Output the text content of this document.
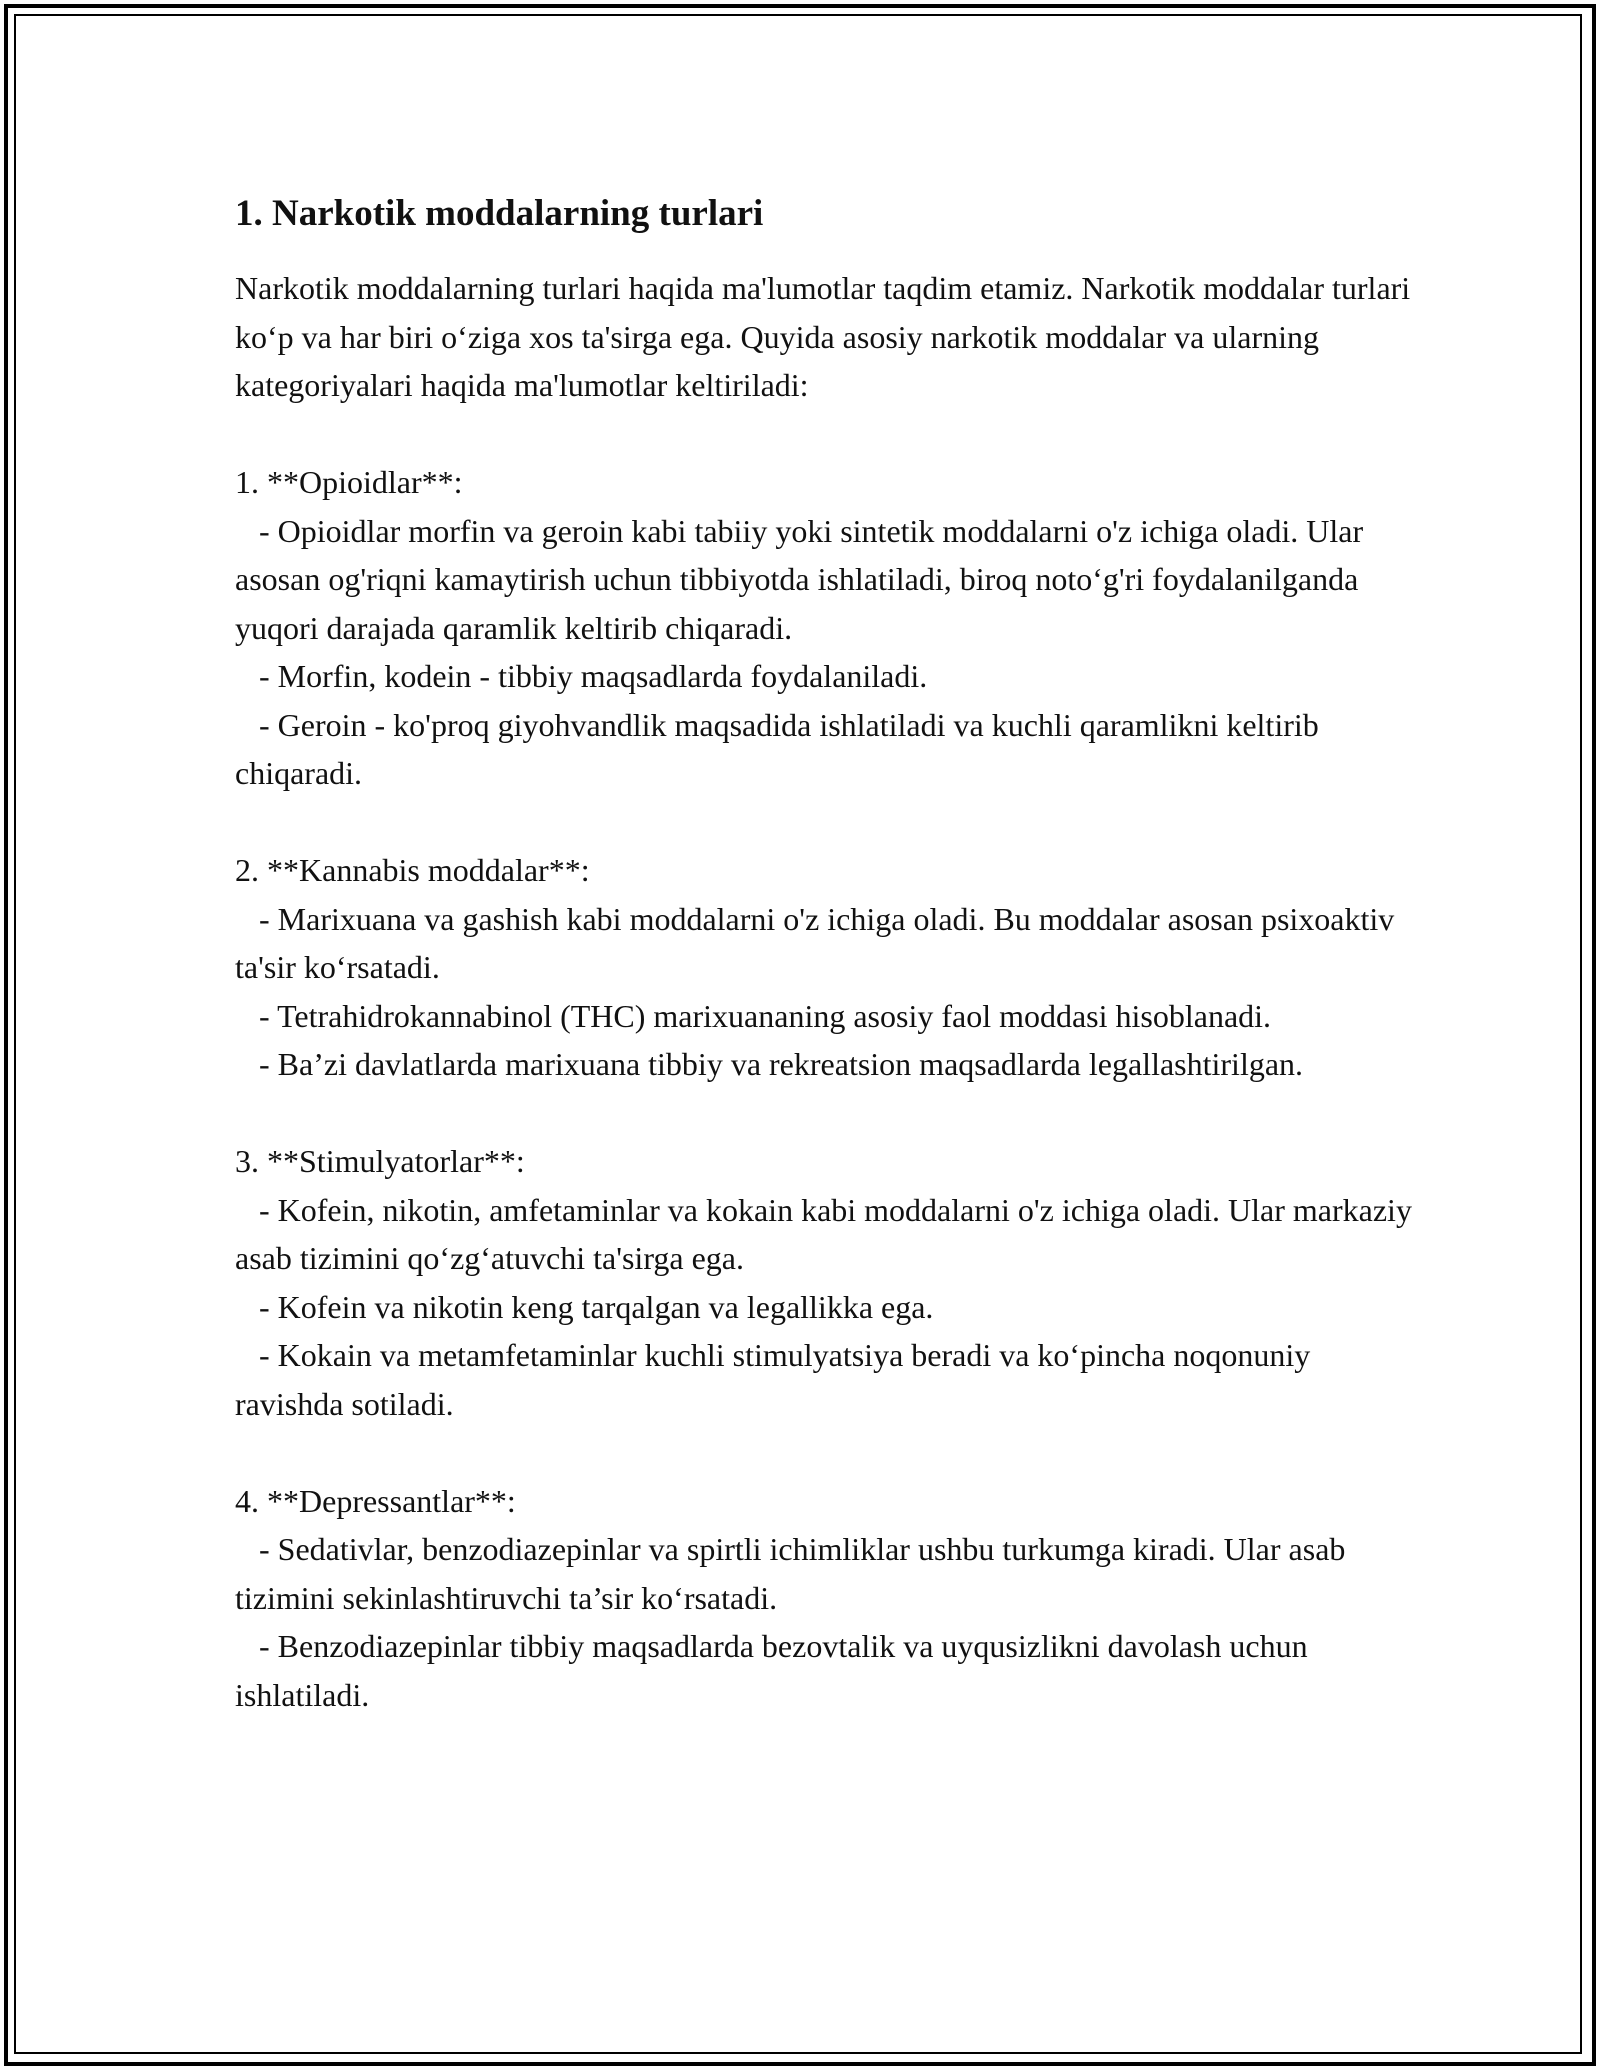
1. Narkotik moddalarning turlari

Narkotik moddalarning turlari haqida ma'lumotlar taqdim etamiz. Narkotik moddalar turlari ko‘p va har biri o‘ziga xos ta'sirga ega. Quyida asosiy narkotik moddalar va ularning kategoriyalari haqida ma'lumotlar keltiriladi:

1. **Opioidlar**:

- Opioidlar morfin va geroin kabi tabiiy yoki sintetik moddalarni o'z ichiga oladi. Ular asosan og'riqni kamaytirish uchun tibbiyotda ishlatiladi, biroq noto‘g'ri foydalanilganda yuqori darajada qaramlik keltirib chiqaradi.

- Morfin, kodein - tibbiy maqsadlarda foydalaniladi.

- Geroin - ko'proq giyohvandlik maqsadida ishlatiladi va kuchli qaramlikni keltirib chiqaradi.

2. **Kannabis moddalar**:

- Marixuana va gashish kabi moddalarni o'z ichiga oladi. Bu moddalar asosan psixoaktiv ta'sir ko‘rsatadi.

- Tetrahidrokannabinol (THC) marixuananing asosiy faol moddasi hisoblanadi.

- Ba’zi davlatlarda marixuana tibbiy va rekreatsion maqsadlarda legallashtirilgan.

3. **Stimulyatorlar**:

- Kofein, nikotin, amfetaminlar va kokain kabi moddalarni o'z ichiga oladi. Ular markaziy asab tizimini qo‘zg‘atuvchi ta'sirga ega.

- Kofein va nikotin keng tarqalgan va legallikka ega.

- Kokain va metamfetaminlar kuchli stimulyatsiya beradi va ko‘pincha noqonuniy ravishda sotiladi.

4. **Depressantlar**:

- Sedativlar, benzodiazepinlar va spirtli ichimliklar ushbu turkumga kiradi. Ular asab tizimini sekinlashtiruvchi ta’sir ko‘rsatadi.

- Benzodiazepinlar tibbiy maqsadlarda bezovtalik va uyqusizlikni davolash uchun ishlatiladi.
